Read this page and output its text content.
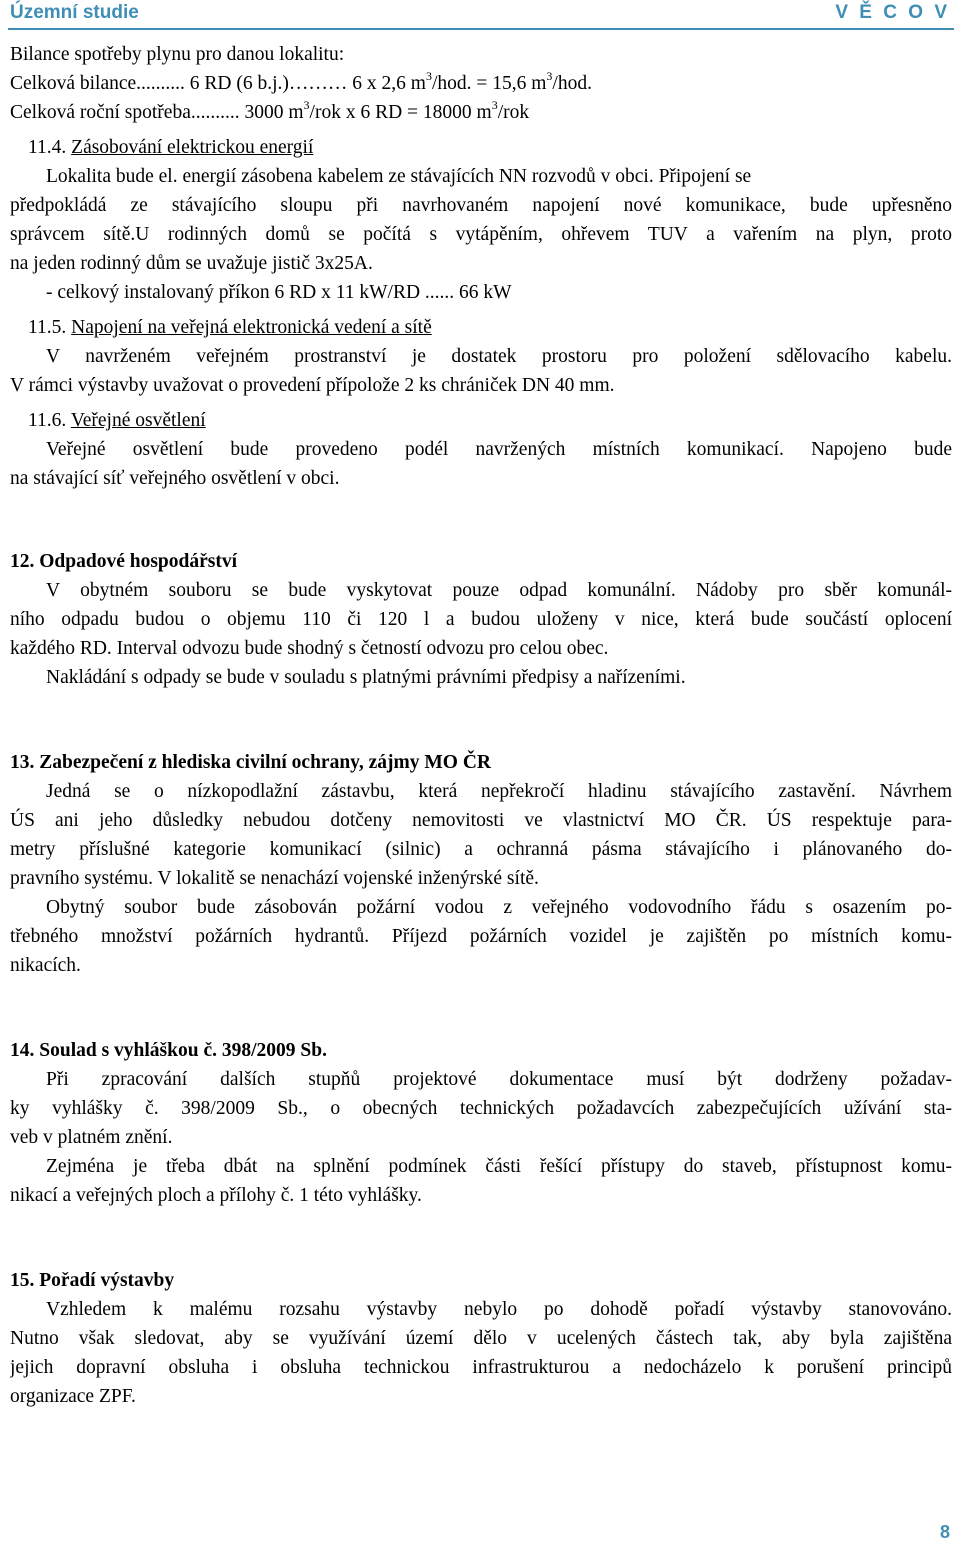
Územní studie	V Ě C O V
Bilance spotřeby plynu pro danou lokalitu:
Celková bilance.......... 6 RD (6 b.j.)……… 6 x 2,6 $m^3$/hod. = 15,6 $m^3$/hod.
Celková roční spotřeba.......... 3000 $m^3$/rok x 6 RD = 18000 $m^3$/rok
11.4. Zásobování elektrickou energií
Lokalita bude el. energií zásobena kabelem ze stávajících NN rozvodů v obci. Připojení se
předpokládá ze stávajícího sloupu při navrhovaném napojení nové komunikace, bude upřesněno
správcem sítě.U rodinných domů se počítá s vytápěním, ohřevem TUV a vařením na plyn, proto
na jeden rodinný dům se uvažuje jistič 3x25A.
- celkový instalovaný příkon 6 RD x 11 kW/RD ...... 66 kW
11.5. Napojení na veřejná elektronická vedení a sítě
V navrženém veřejném prostranství je dostatek prostoru pro položení sdělovacího kabelu.
V rámci výstavby uvažovat o provedení přípolože 2 ks chrániček DN 40 mm.
11.6. Veřejné osvětlení
Veřejné osvětlení bude provedeno podél navržených místních komunikací. Napojeno bude
na stávající síť veřejného osvětlení v obci.
12. Odpadové hospodářství
V obytném souboru se bude vyskytovat pouze odpad komunální. Nádoby pro sběr komunál-
ního odpadu budou o objemu 110 či 120 l a budou uloženy v nice, která bude součástí oplocení
každého RD. Interval odvozu bude shodný s četností odvozu pro celou obec.
Nakládání s odpady se bude v souladu s platnými právními předpisy a nařízeními.
13. Zabezpečení z hlediska civilní ochrany, zájmy MO ČR
Jedná se o nízkopodlažní zástavbu, která nepřekročí hladinu stávajícího zastavění. Návrhem
ÚS ani jeho důsledky nebudou dotčeny nemovitosti ve vlastnictví MO ČR. ÚS respektuje para-
metry příslušné kategorie komunikací (silnic) a ochranná pásma stávajícího i plánovaného do-
pravního systému. V lokalitě se nenachází vojenské inženýrské sítě.
Obytný soubor bude zásobován požární vodou z veřejného vodovodního řádu s osazením po-
třebného množství požárních hydrantů. Příjezd požárních vozidel je zajištěn po místních komu-
nikacích.
14. Soulad s vyhláškou č. 398/2009 Sb.
Při zpracování dalších stupňů projektové dokumentace musí být dodrženy požadav-
ky vyhlášky č. 398/2009 Sb., o obecných technických požadavcích zabezpečujících užívání sta-
veb v platném znění.
Zejména je třeba dbát na splnění podmínek části řešící přístupy do staveb, přístupnost komu-
nikací a veřejných ploch a přílohy č. 1 této vyhlášky.
15. Pořadí výstavby
Vzhledem k malému rozsahu výstavby nebylo po dohodě pořadí výstavby stanovováno.
Nutno však sledovat, aby se využívání území dělo v ucelených částech tak, aby byla zajištěna
jejich dopravní obsluha i obsluha technickou infrastrukturou a nedocházelo k porušení principů
organizace ZPF.
8
